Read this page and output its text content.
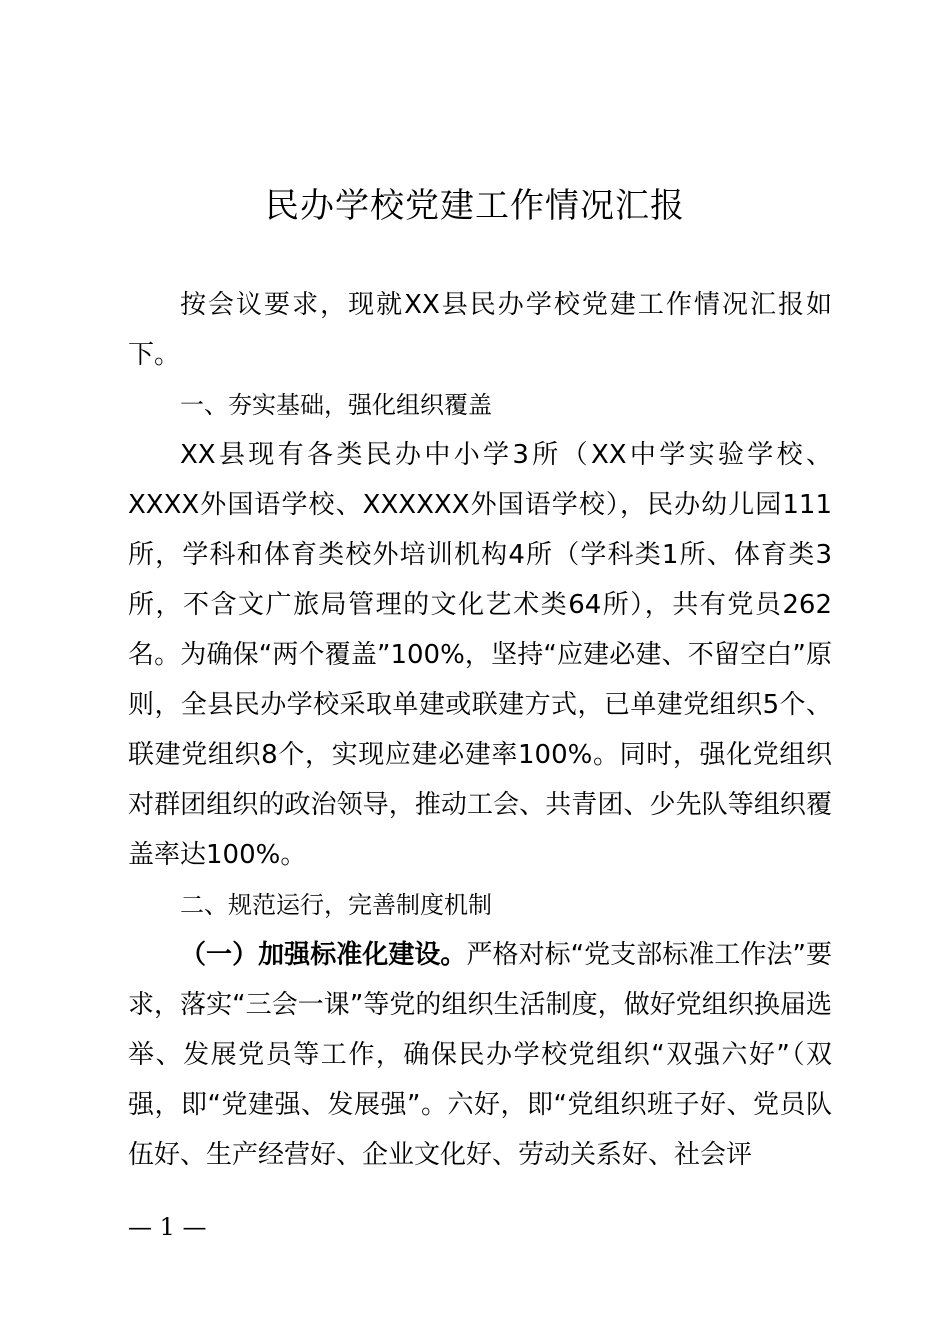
民办学校党建工作情况汇报

按会议要求，现就XX县民办学校党建工作情况汇报如下。

一、夯实基础，强化组织覆盖

XX县现有各类民办中小学3所（XX中学实验学校、XXXX外国语学校、XXXXXX外国语学校），民办幼儿园111所，学科和体育类校外培训机构4所（学科类1所、体育类3所，不含文广旅局管理的文化艺术类64所），共有党员262名。为确保“两个覆盖”100%，坚持“应建必建、不留空白”原则，全县民办学校采取单建或联建方式，已单建党组织5个、联建党组织8个，实现应建必建率100%。同时，强化党组织对群团组织的政治领导，推动工会、共青团、少先队等组织覆盖率达100%。

二、规范运行，完善制度机制

（一）加强标准化建设。严格对标“党支部标准工作法”要求，落实“三会一课”等党的组织生活制度，做好党组织换届选举、发展党员等工作，确保民办学校党组织“双强六好”（双强，即“党建强、发展强”。六好，即“党组织班子好、党员队伍好、生产经营好、企业文化好、劳动关系好、社会评

— 1 —
